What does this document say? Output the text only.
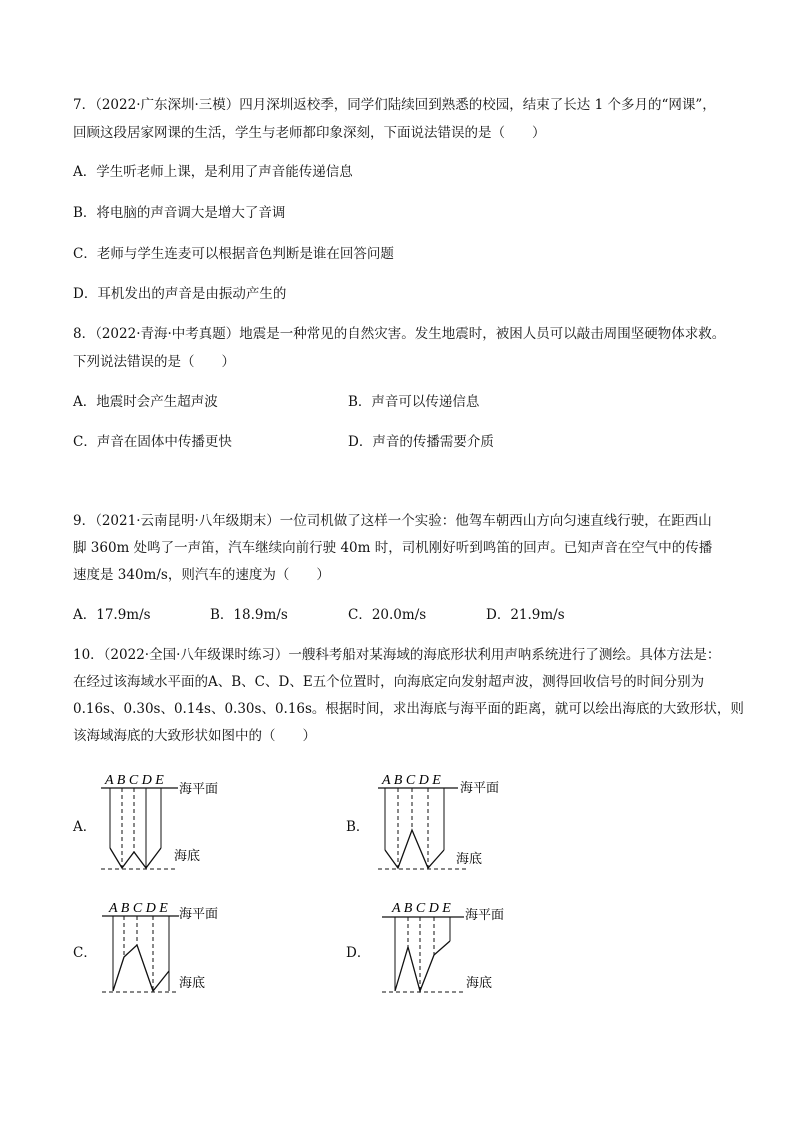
7．（2022·广东深圳·三模）四月深圳返校季，同学们陆续回到熟悉的校园，结束了长达 1 个多月的“网课”，
回顾这段居家网课的生活，学生与老师都印象深刻，下面说法错误的是（　　）
A．学生听老师上课，是利用了声音能传递信息
B．将电脑的声音调大是增大了音调
C．老师与学生连麦可以根据音色判断是谁在回答问题
D．耳机发出的声音是由振动产生的
8．（2022·青海·中考真题）地震是一种常见的自然灾害。发生地震时，被困人员可以敲击周围坚硬物体求救。
下列说法错误的是（　　）
A．地震时会产生超声波	B．声音可以传递信息
C．声音在固体中传播更快	D．声音的传播需要介质
9．（2021·云南昆明·八年级期末）一位司机做了这样一个实验：他驾车朝西山方向匀速直线行驶，在距西山
脚 360m 处鸣了一声笛，汽车继续向前行驶 40m 时，司机刚好听到鸣笛的回声。已知声音在空气中的传播
速度是 340m/s，则汽车的速度为（　　）
A．17.9m/s	B．18.9m/s	C．20.0m/s	D．21.9m/s
10．（2022·全国·八年级课时练习）一艘科考船对某海域的海底形状利用声呐系统进行了测绘。具体方法是：
在经过该海域水平面的A、B、C、D、E五个位置时，向海底定向发射超声波，测得回收信号的时间分别为
0.16s、0.30s、0.14s、0.30s、0.16s。根据时间，求出海底与海平面的距离，就可以绘出海底的大致形状，则
该海域海底的大致形状如图中的（　　）
A．
A B C D E
海平面
海底
B．
A B C D E 海平面
海底
C．
A B C D E 海平面
海底
D．
A B C D E 海平面
海底
